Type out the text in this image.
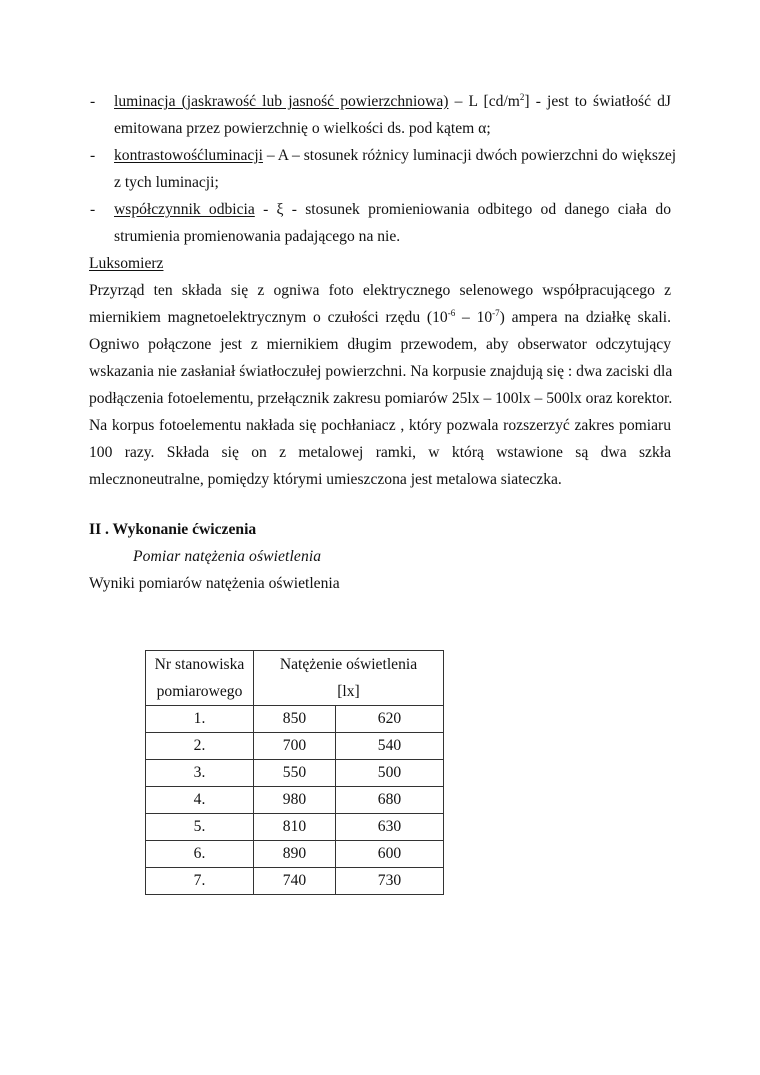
- luminacja (jaskrawość lub jasność powierzchniowa) – L $[cd/m^2]$ - jest to światłość dJ
emitowana przez powierzchnię o wielkości ds. pod kątem α;
- kontrastowośćluminacji – A – stosunek różnicy luminacji dwóch powierzchni do większej
z tych luminacji;
- współczynnik odbicia - ξ - stosunek promieniowania odbitego od danego ciała do
strumienia promienowania padającego na nie.
Luksomierz
Przyrząd ten składa się z ogniwa foto elektrycznego selenowego współpracującego z
miernikiem magnetoelektrycznym o czułości rzędu $(10^{-6} - 10^{-7})$ ampera na działkę skali.
Ogniwo połączone jest z miernikiem długim przewodem, aby obserwator odczytujący
wskazania nie zasłaniał światłoczułej powierzchni. Na korpusie znajdują się : dwa zaciski dla
podłączenia fotoelementu, przełącznik zakresu pomiarów 25lx – 100lx – 500lx oraz korektor.
Na korpus fotoelementu nakłada się pochłaniacz , który pozwala rozszerzyć zakres pomiaru
100 razy. Składa się on z metalowej ramki, w którą wstawione są dwa szkła
mlecznoneutralne, pomiędzy którymi umieszczona jest metalowa siateczka.
II . Wykonanie ćwiczenia
Pomiar natężenia oświetlenia
Wyniki pomiarów natężenia oświetlenia
Nr stanowiska
pomiarowego

Natężenie oświetlenia
[lx]

1.	850	620
2.	700	540
3.	550	500
4.	980	680
5.	810	630
6.	890	600
7.	740	730
